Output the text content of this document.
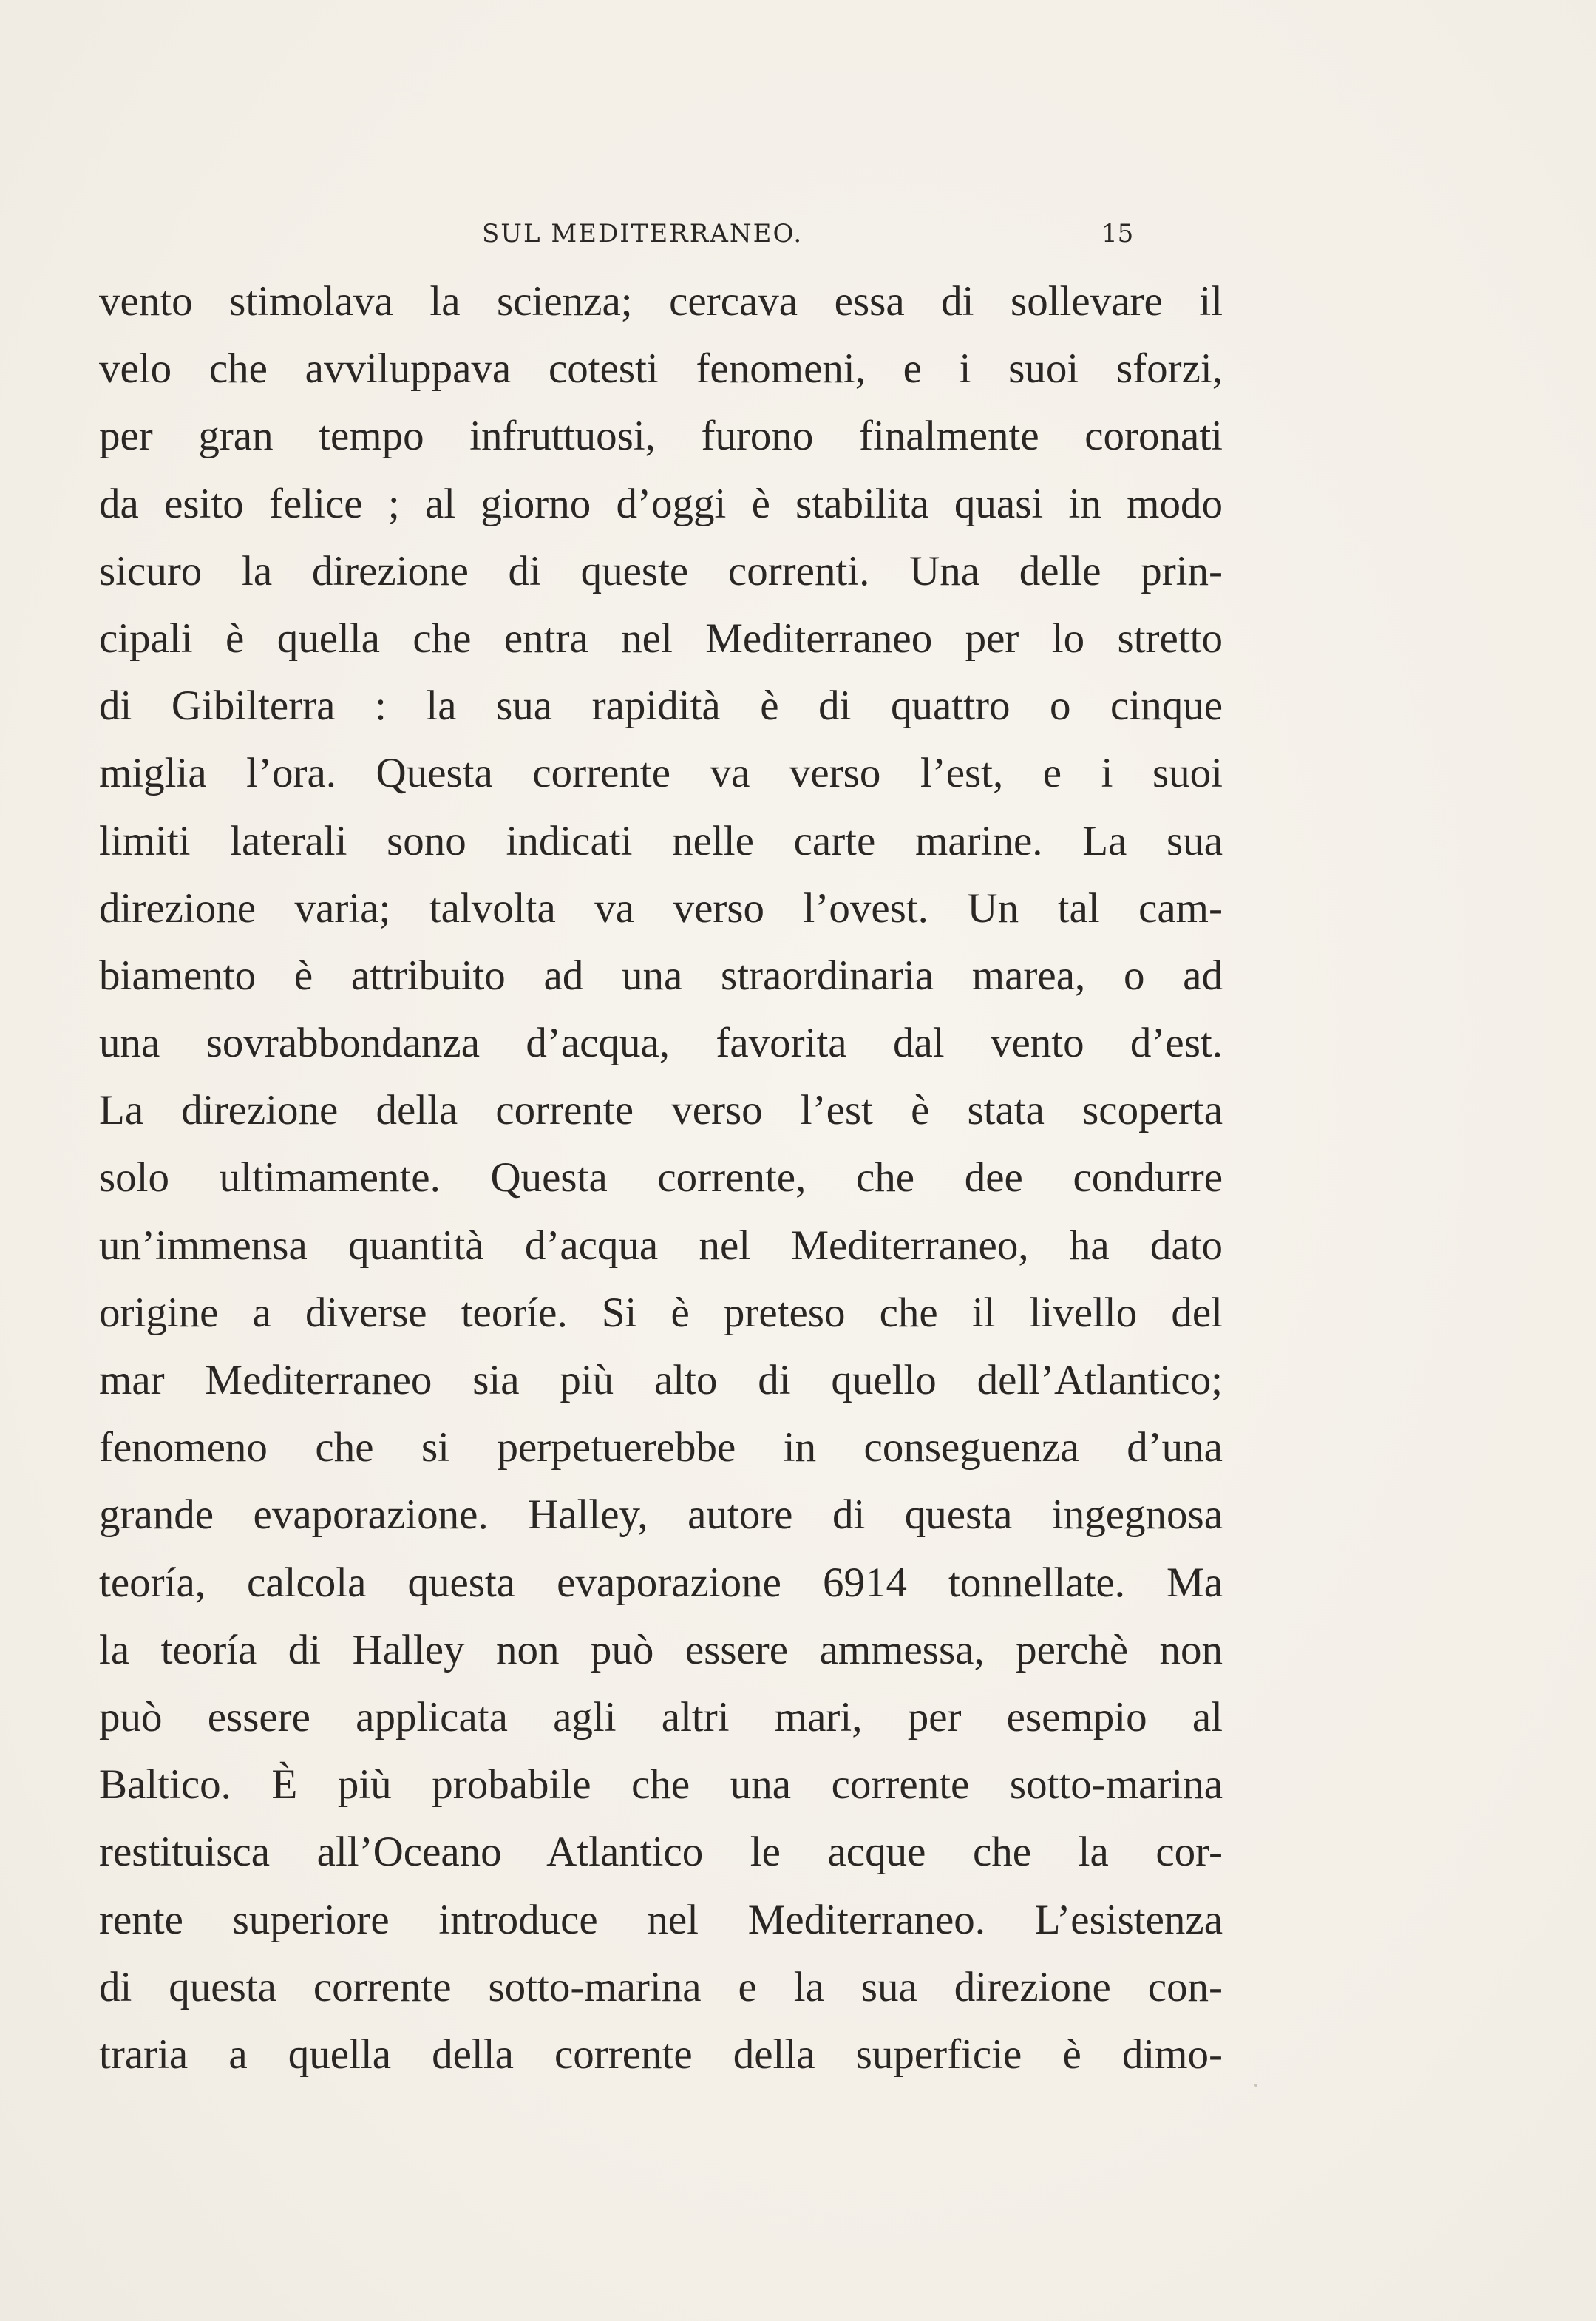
SUL MEDITERRANEO.	15
vento stimolava la scienza; cercava essa di sollevare il
velo che avviluppava cotesti fenomeni, e i suoi sforzi,
per gran tempo infruttuosi, furono finalmente coronati
da esito felice ; al giorno d’oggi è stabilita quasi in modo
sicuro la direzione di queste correnti. Una delle prin-
cipali è quella che entra nel Mediterraneo per lo stretto
di Gibilterra : la sua rapidità è di quattro o cinque
miglia l’ora. Questa corrente va verso l’est, e i suoi
limiti laterali sono indicati nelle carte marine. La sua
direzione varia; talvolta va verso l’ovest. Un tal cam-
biamento è attribuito ad una straordinaria marea, o ad
una sovrabbondanza d’acqua, favorita dal vento d’est.
La direzione della corrente verso l’est è stata scoperta
solo ultimamente. Questa corrente, che dee condurre
un’immensa quantità d’acqua nel Mediterraneo, ha dato
origine a diverse teoríe. Si è preteso che il livello del
mar Mediterraneo sia più alto di quello dell’Atlantico;
fenomeno che si perpetuerebbe in conseguenza d’una
grande evaporazione. Halley, autore di questa ingegnosa
teoría, calcola questa evaporazione 6914 tonnellate. Ma
la teoría di Halley non può essere ammessa, perchè non
può essere applicata agli altri mari, per esempio al
Baltico. È più probabile che una corrente sotto-marina
restituisca all’Oceano Atlantico le acque che la cor-
rente superiore introduce nel Mediterraneo. L’esistenza
di questa corrente sotto-marina e la sua direzione con-
traria a quella della corrente della superficie è dimo-
